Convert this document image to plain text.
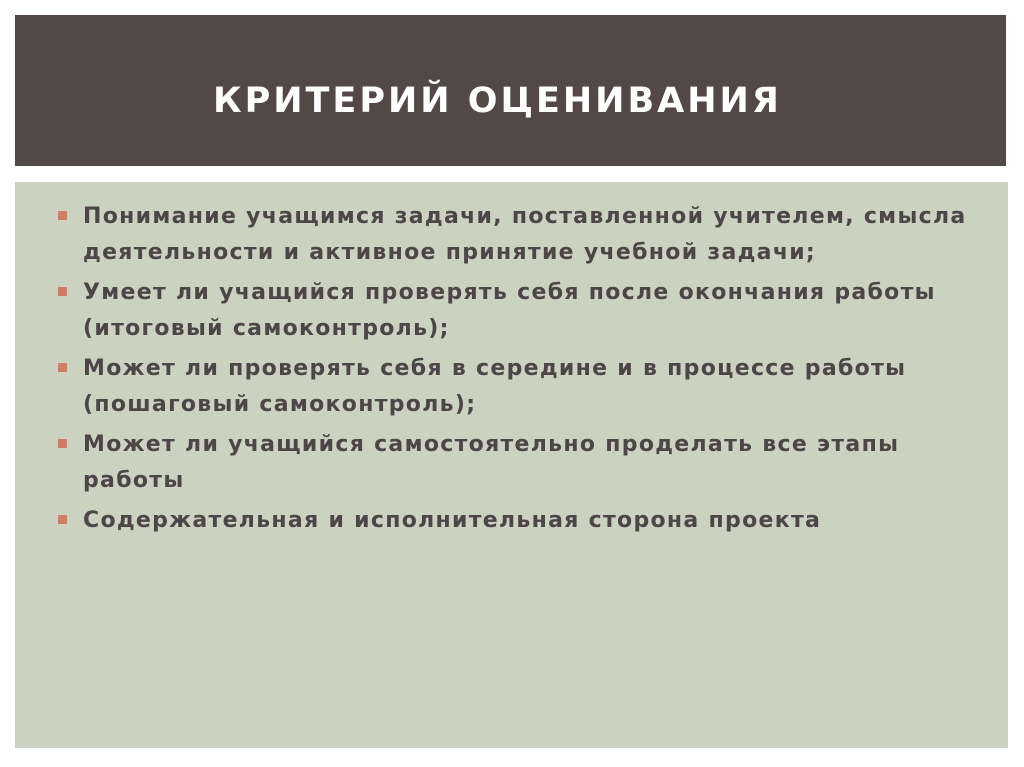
КРИТЕРИЙ ОЦЕНИВАНИЯ
Понимание учащимся задачи, поставленной учителем, смысла деятельности и активное принятие учебной задачи;
Умеет ли учащийся проверять себя после окончания работы (итоговый самоконтроль);
Может ли проверять себя в середине и в процессе работы (пошаговый самоконтроль);
Может ли учащийся самостоятельно проделать все этапы работы
Содержательная и исполнительная сторона проекта
